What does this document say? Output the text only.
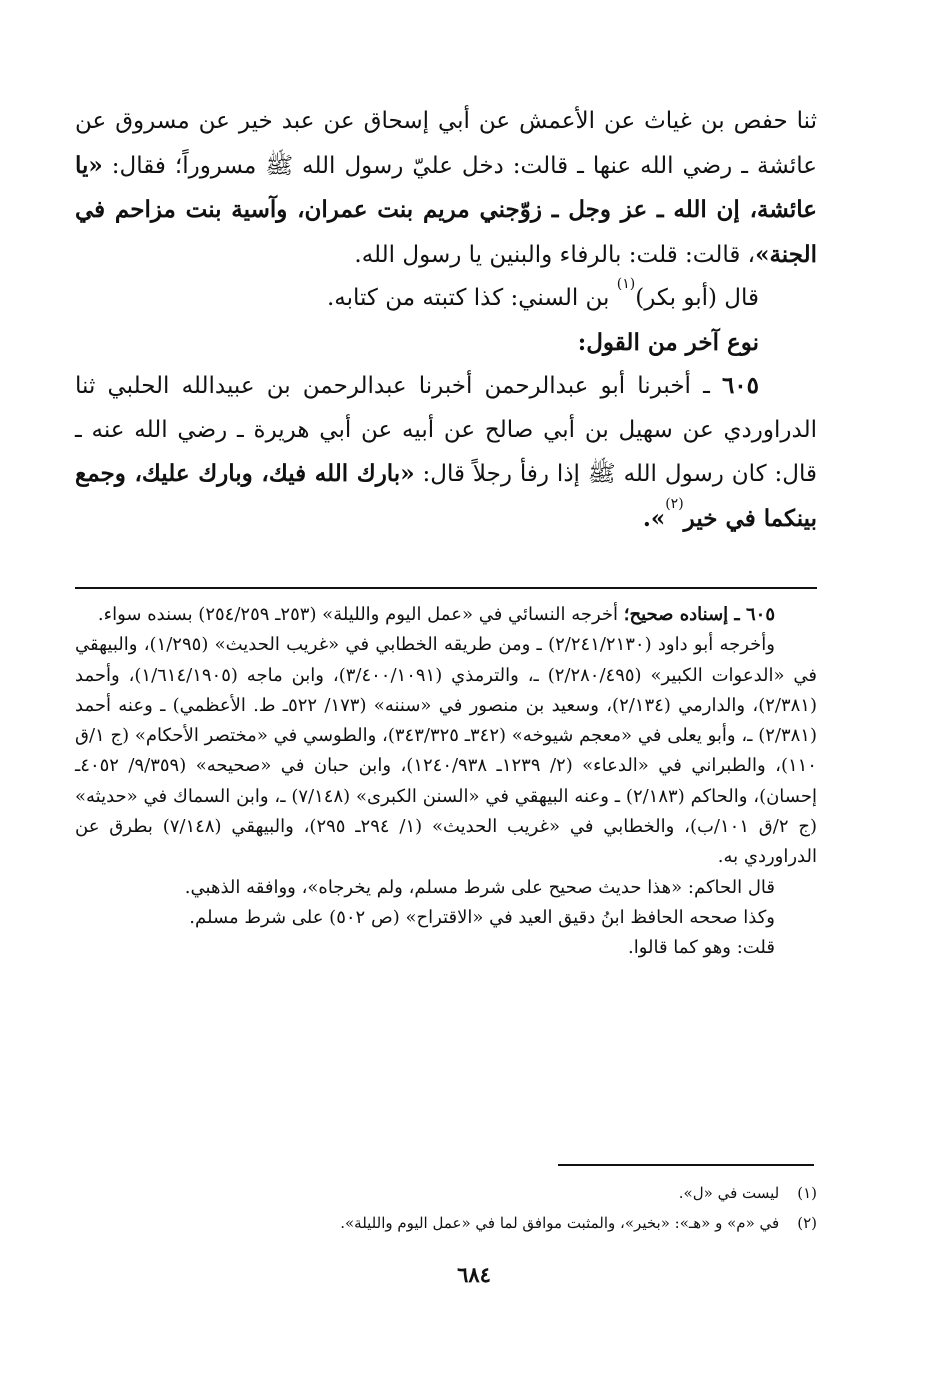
ثنا حفص بن غياث عن الأعمش عن أبي إسحاق عن عبد خير عن مسروق عن عائشة ـ رضي الله عنها ـ قالت: دخل عليّ رسول الله ﷺ مسروراً؛ فقال: «يا عائشة، إن الله ـ عز وجل ـ زوّجني مريم بنت عمران، وآسية بنت مزاحم في الجنة»، قالت: قلت: بالرفاء والبنين يا رسول الله.

قال (أبو بكر)$^{(١)}$ بن السني: كذا كتبته من كتابه.

نوع آخر من القول:

٦٠٥ ـ أخبرنا أبو عبدالرحمن أخبرنا عبدالرحمن بن عبيدالله الحلبي ثنا الدراوردي عن سهيل بن أبي صالح عن أبيه عن أبي هريرة ـ رضي الله عنه ـ قال: كان رسول الله ﷺ إذا رفأ رجلاً قال: «بارك الله فيك، وبارك عليك، وجمع بينكما في خير$^{(٢)}$».

٦٠٥ ـ إسناده صحيح؛ أخرجه النسائي في «عمل اليوم والليلة» (٢٥٣ـ ٢٥٤/٢٥٩) بسنده سواء.

وأخرجه أبو داود (٢/٢٤١/٢١٣٠) ـ ومن طريقه الخطابي في «غريب الحديث» (١/٢٩٥)، والبيهقي في «الدعوات الكبير» (٢/٢٨٠/٤٩٥) ـ، والترمذي (٣/٤٠٠/١٠٩١)، وابن ماجه (١/٦١٤/١٩٠٥)، وأحمد (٢/٣٨١)، والدارمي (٢/١٣٤)، وسعيد بن منصور في «سننه» (١٧٣/ ٥٢٢ـ ط. الأعظمي) ـ وعنه أحمد (٢/٣٨١) ـ، وأبو يعلى في «معجم شيوخه» (٣٤٢ـ ٣٤٣/٣٢٥)، والطوسي في «مختصر الأحكام» (ج ١/ق ١١٠)، والطبراني في «الدعاء» (٢/ ١٢٣٩ـ ١٢٤٠/٩٣٨)، وابن حبان في «صحيحه» (٩/٣٥٩/ ٤٠٥٢ـ إحسان)، والحاكم (٢/١٨٣) ـ وعنه البيهقي في «السنن الكبرى» (٧/١٤٨) ـ، وابن السماك في «حديثه» (ج ٢/ق ١٠١/ب)، والخطابي في «غريب الحديث» (١/ ٢٩٤ـ ٢٩٥)، والبيهقي (٧/١٤٨) بطرق عن الدراوردي به.

قال الحاكم: «هذا حديث صحيح على شرط مسلم، ولم يخرجاه»، ووافقه الذهبي.

وكذا صححه الحافظ ابنُ دقيق العيد في «الاقتراح» (ص ٥٠٢) على شرط مسلم.

قلت: وهو كما قالوا.

(١)ليست في «ل».

(٢)في «م» و «هـ»: «بخير»، والمثبت موافق لما في «عمل اليوم والليلة».

٦٨٤
